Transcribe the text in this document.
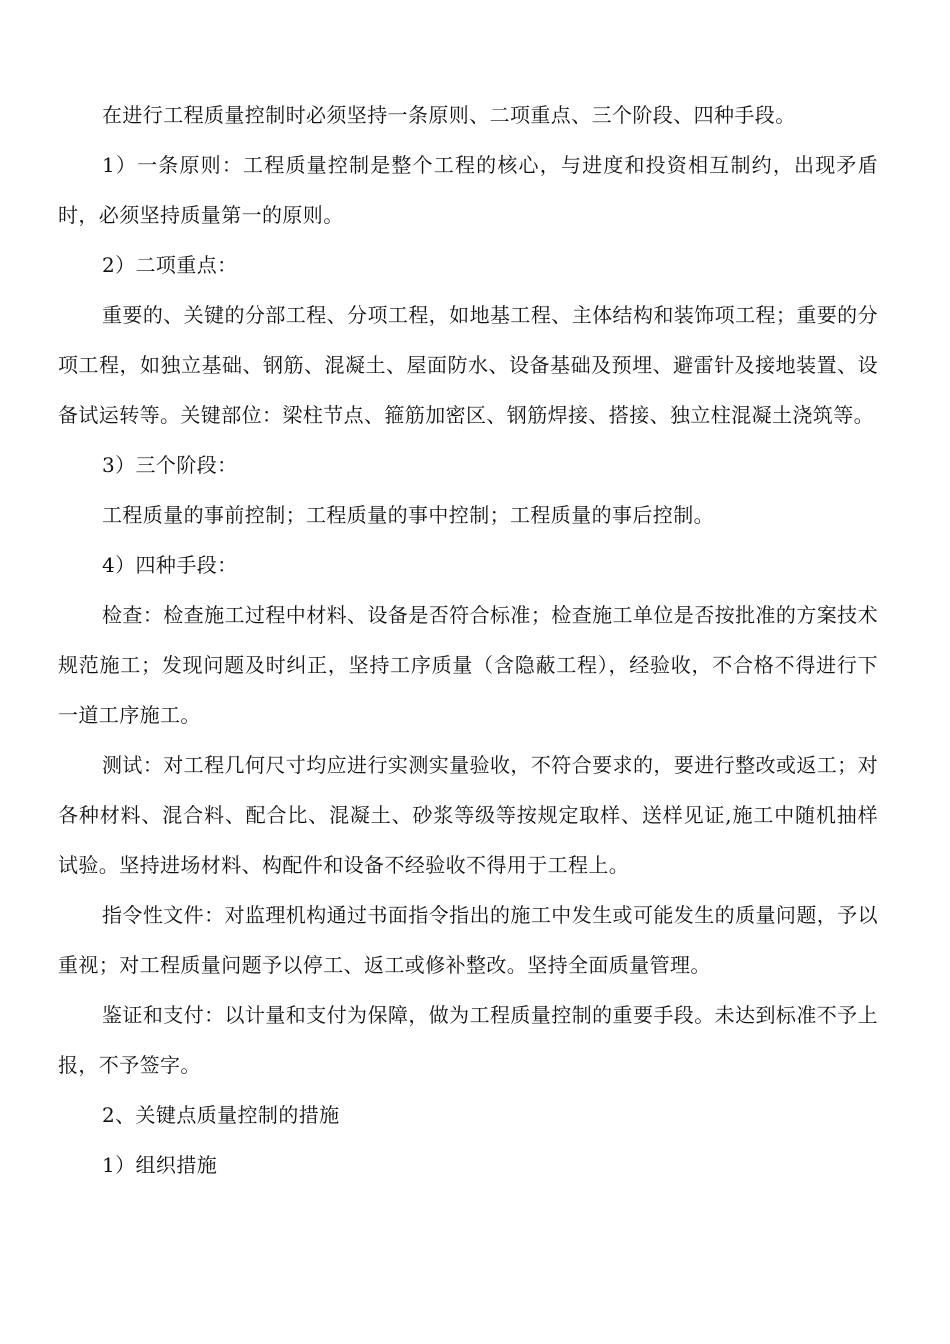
在进行工程质量控制时必须坚持一条原则、二项重点、三个阶段、四种手段。

1）一条原则：工程质量控制是整个工程的核心，与进度和投资相互制约，出现矛盾时，必须坚持质量第一的原则。

2）二项重点：

重要的、关键的分部工程、分项工程，如地基工程、主体结构和装饰项工程；重要的分项工程，如独立基础、钢筋、混凝土、屋面防水、设备基础及预埋、避雷针及接地装置、设备试运转等。关键部位：梁柱节点、箍筋加密区、钢筋焊接、搭接、独立柱混凝土浇筑等。

3）三个阶段：

工程质量的事前控制；工程质量的事中控制；工程质量的事后控制。

4）四种手段：

检查：检查施工过程中材料、设备是否符合标准；检查施工单位是否按批准的方案技术规范施工；发现问题及时纠正，坚持工序质量（含隐蔽工程），经验收，不合格不得进行下一道工序施工。

测试：对工程几何尺寸均应进行实测实量验收，不符合要求的，要进行整改或返工；对各种材料、混合料、配合比、混凝土、砂浆等级等按规定取样、送样见证,施工中随机抽样试验。坚持进场材料、构配件和设备不经验收不得用于工程上。

指令性文件：对监理机构通过书面指令指出的施工中发生或可能发生的质量问题，予以重视；对工程质量问题予以停工、返工或修补整改。坚持全面质量管理。

鉴证和支付：以计量和支付为保障，做为工程质量控制的重要手段。未达到标准不予上报，不予签字。

2、关键点质量控制的措施

1）组织措施
